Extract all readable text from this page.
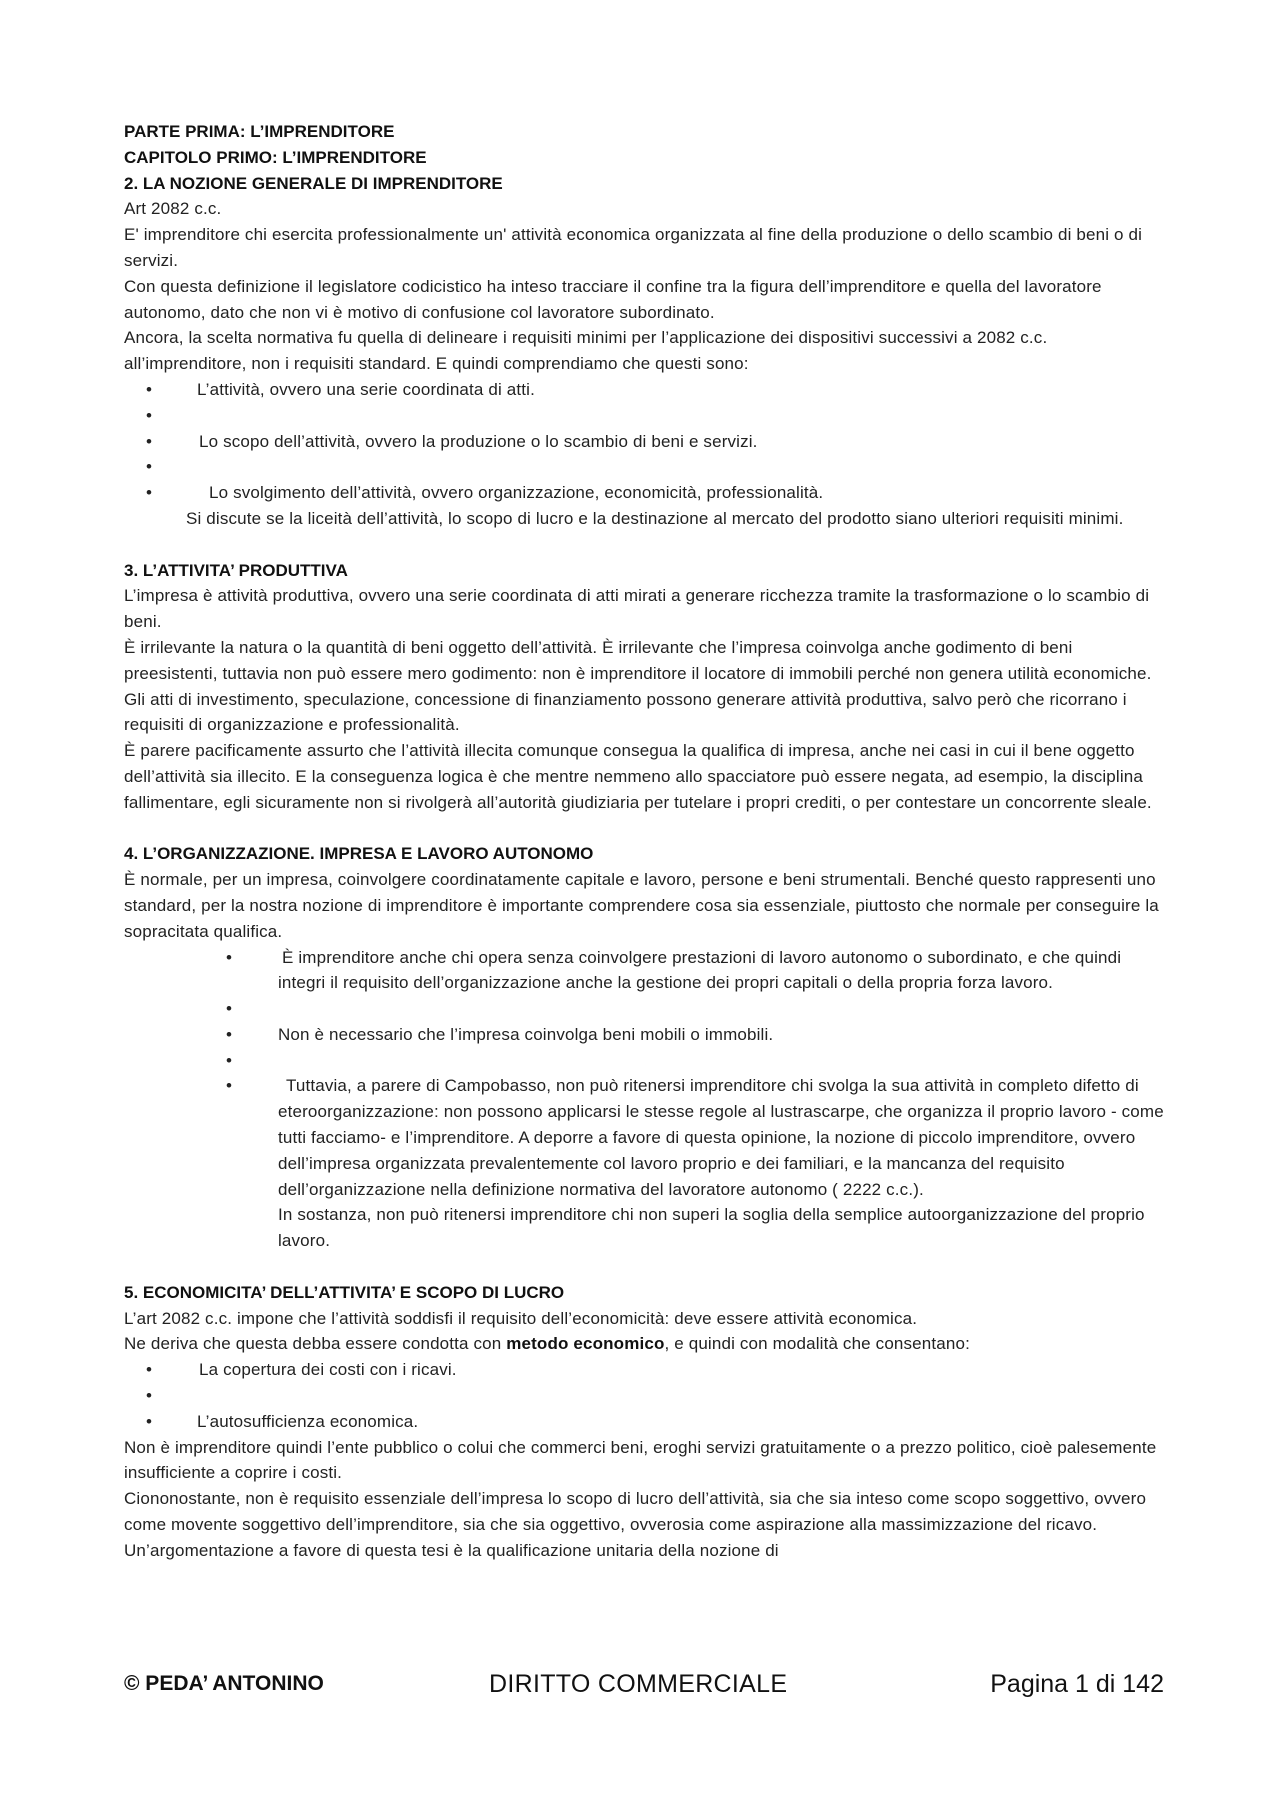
PARTE PRIMA: L’IMPRENDITORE
CAPITOLO PRIMO: L’IMPRENDITORE
2. LA NOZIONE GENERALE DI IMPRENDITORE

Art 2082 c.c.

E' imprenditore chi esercita professionalmente un' attività economica organizzata al fine della produzione o dello scambio di beni o di servizi.

Con questa definizione il legislatore codicistico ha inteso tracciare il confine tra la figura dell’imprenditore e quella del lavoratore autonomo, dato che non vi è motivo di confusione col lavoratore subordinato.

Ancora, la scelta normativa fu quella di delineare i requisiti minimi per l’applicazione dei dispositivi successivi a 2082 c.c. all’imprenditore, non i requisiti standard. E quindi comprendiamo che questi sono:

• L’attività, ovvero una serie coordinata di atti.
•
• Lo scopo dell’attività, ovvero la produzione o lo scambio di beni e servizi.
•
• Lo svolgimento dell’attività, ovvero organizzazione, economicità, professionalità.
Si discute se la liceità dell’attività, lo scopo di lucro e la destinazione al mercato del prodotto siano ulteriori requisiti minimi.
3. L’ATTIVITA’ PRODUTTIVA

L’impresa è attività produttiva, ovvero una serie coordinata di atti mirati a generare ricchezza tramite la trasformazione o lo scambio di beni.

È irrilevante la natura o la quantità di beni oggetto dell’attività. È irrilevante che l’impresa coinvolga anche godimento di beni preesistenti, tuttavia non può essere mero godimento: non è imprenditore il locatore di immobili perché non genera utilità economiche. Gli atti di investimento, speculazione, concessione di finanziamento possono generare attività produttiva, salvo però che ricorrano i requisiti di organizzazione e professionalità.

È parere pacificamente assurto che l’attività illecita comunque consegua la qualifica di impresa, anche nei casi in cui il bene oggetto dell’attività sia illecito. E la conseguenza logica è che mentre nemmeno allo spacciatore può essere negata, ad esempio, la disciplina fallimentare, egli sicuramente non si rivolgerà all’autorità giudiziaria per tutelare i propri crediti, o per contestare un concorrente sleale.

4. L’ORGANIZZAZIONE. IMPRESA E LAVORO AUTONOMO

È normale, per un impresa, coinvolgere coordinatamente capitale e lavoro, persone e beni strumentali. Benché questo rappresenti uno standard, per la nostra nozione di imprenditore è importante comprendere cosa sia essenziale, piuttosto che normale per conseguire la sopracitata qualifica.

• È imprenditore anche chi opera senza coinvolgere prestazioni di lavoro autonomo o subordinato, e che quindi integri il requisito dell’organizzazione anche la gestione dei propri capitali o della propria forza lavoro.
•
• Non è necessario che l’impresa coinvolga beni mobili o immobili.
•
• Tuttavia, a parere di Campobasso, non può ritenersi imprenditore chi svolga la sua attività in completo difetto di eteroorganizzazione: non possono applicarsi le stesse regole al lustrascarpe, che organizza il proprio lavoro - come tutti facciamo- e l’imprenditore. A deporre a favore di questa opinione, la nozione di piccolo imprenditore, ovvero dell’impresa organizzata prevalentemente col lavoro proprio e dei familiari, e la mancanza del requisito dell’organizzazione nella definizione normativa del lavoratore autonomo ( 2222 c.c.).
In sostanza, non può ritenersi imprenditore chi non superi la soglia della semplice autoorganizzazione del proprio lavoro.
5. ECONOMICITA’ DELL’ATTIVITA’ E SCOPO DI LUCRO

L’art 2082 c.c. impone che l’attività soddisfi il requisito dell’economicità: deve essere attività economica.

Ne deriva che questa debba essere condotta con metodo economico, e quindi con modalità che consentano:

• La copertura dei costi con i ricavi.
•
• L’autosufficienza economica.

Non è imprenditore quindi l’ente pubblico o colui che commerci beni, eroghi servizi gratuitamente o a prezzo politico, cioè palesemente insufficiente a coprire i costi.

Ciononostante, non è requisito essenziale dell’impresa lo scopo di lucro dell’attività, sia che sia inteso come scopo soggettivo, ovvero come movente soggettivo dell’imprenditore, sia che sia oggettivo, ovverosia come aspirazione alla massimizzazione del ricavo. Un’argomentazione a favore di questa tesi è la qualificazione unitaria della nozione di

© PEDA’ ANTONINO	DIRITTO COMMERCIALE	Pagina 1 di 142
